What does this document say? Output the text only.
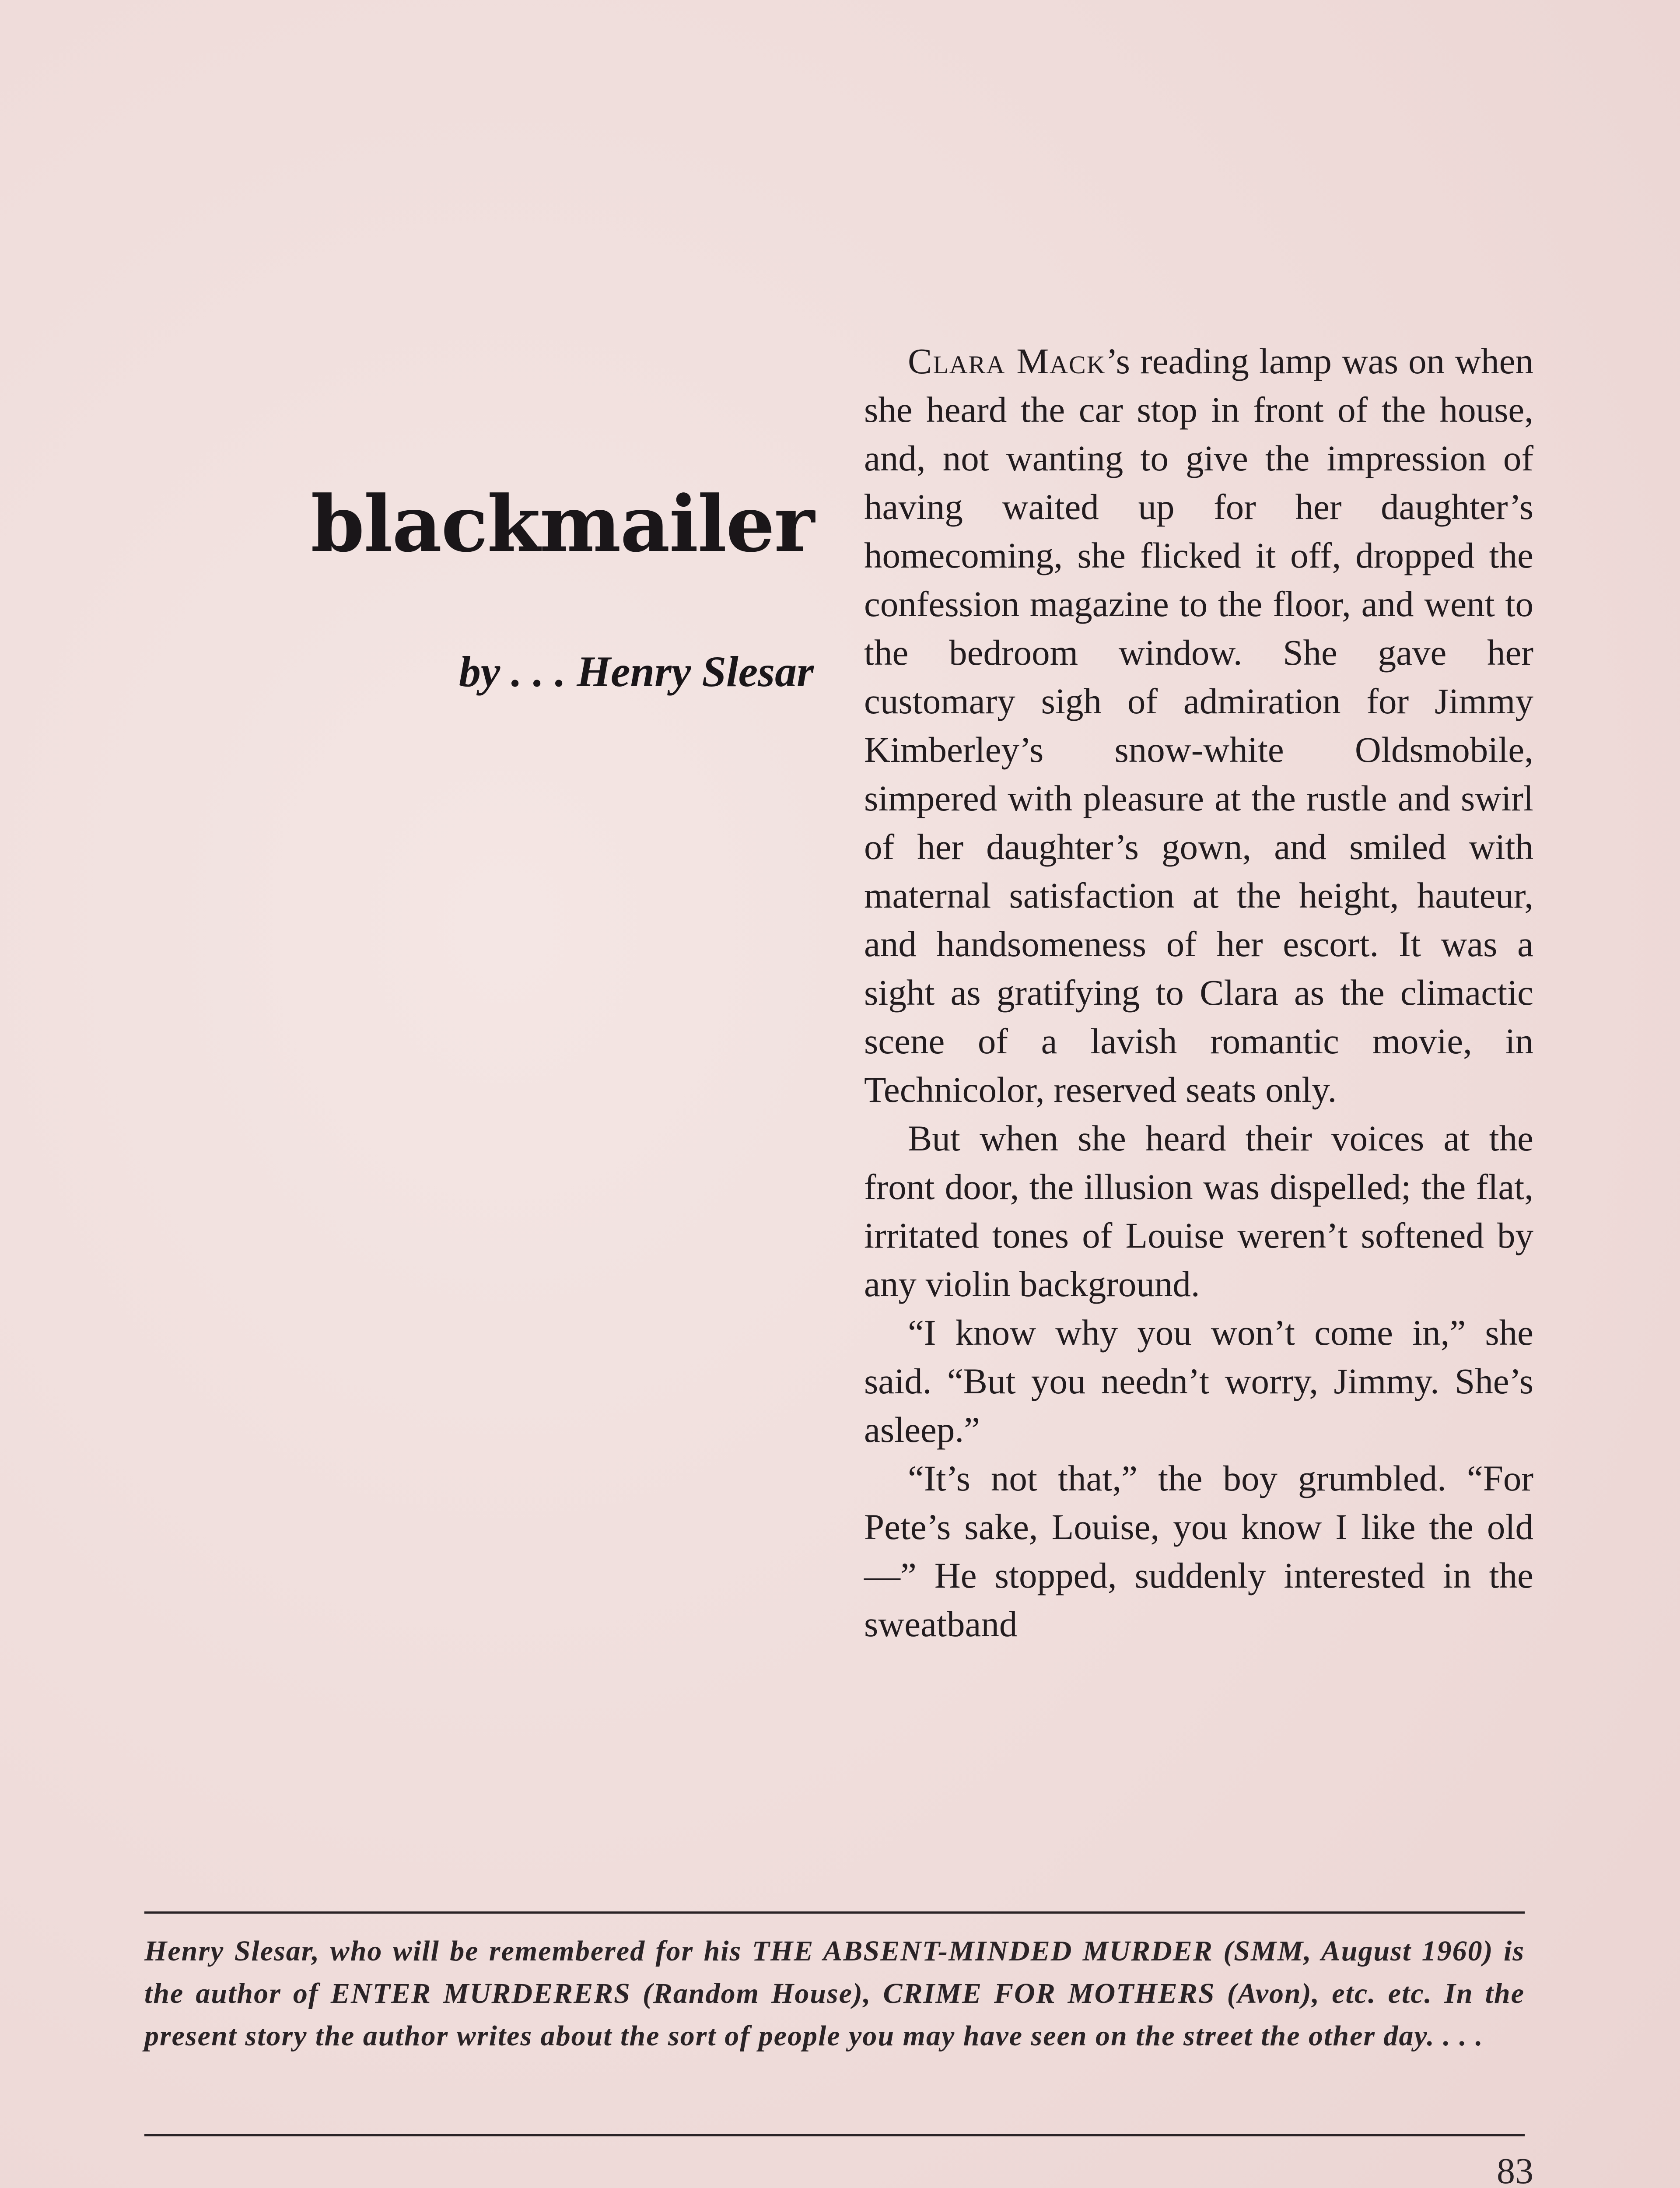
blackmailer
by . . . Henry Slesar

Clara Mack’s reading lamp was on when she heard the car stop in front of the house, and, not wanting to give the impression of having waited up for her daughter’s homecoming, she flicked it off, dropped the confession magazine to the floor, and went to the bedroom window. She gave her customary sigh of admiration for Jimmy Kimberley’s snow-white Oldsmobile, simpered with pleasure at the rustle and swirl of her daughter’s gown, and smiled with maternal satisfaction at the height, hauteur, and handsomeness of her escort. It was a sight as gratifying to Clara as the climactic scene of a lavish romantic movie, in Technicolor, reserved seats only.

But when she heard their voices at the front door, the illusion was dispelled; the flat, irritated tones of Louise weren’t softened by any violin background.

“I know why you won’t come in,” she said. “But you needn’t worry, Jimmy. She’s asleep.”

“It’s not that,” the boy grumbled. “For Pete’s sake, Louise, you know I like the old—” He stopped, suddenly interested in the sweatband

Henry Slesar, who will be remembered for his THE ABSENT-MINDED MURDER (SMM, August 1960) is the author of ENTER MURDERERS (Random House), CRIME FOR MOTHERS (Avon), etc. etc. In the present story the author writes about the sort of people you may have seen on the street the other day. . . .
83
